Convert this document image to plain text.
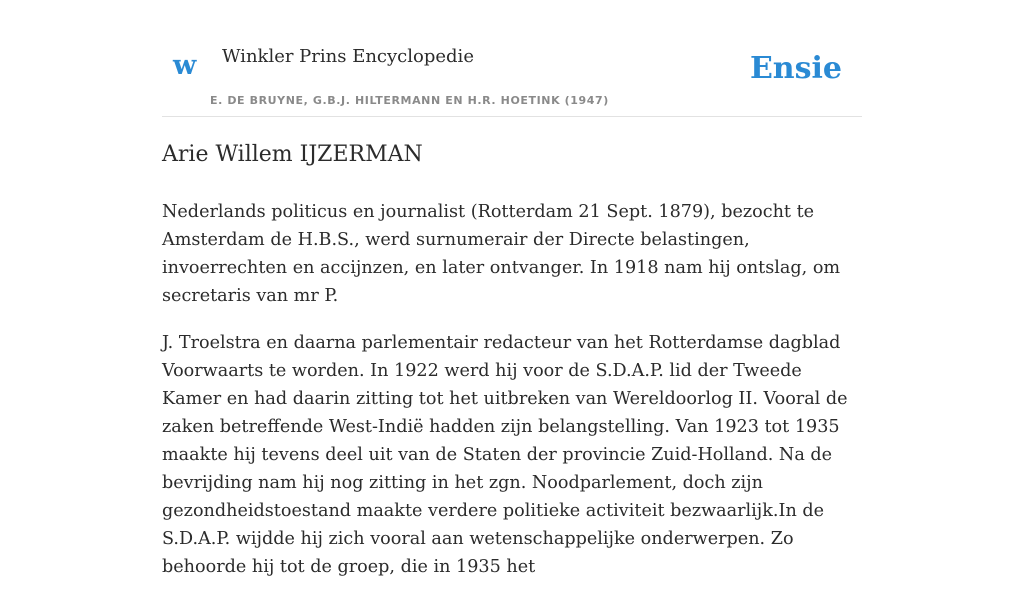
w Winkler Prins Encyclopedie
E. DE BRUYNE, G.B.J. HILTERMANN EN H.R. HOETINK (1947)
Ensie
Arie Willem IJZERMAN

Nederlands politicus en journalist (Rotterdam 21 Sept. 1879), bezocht te Amsterdam de H.B.S., werd surnumerair der Directe belastingen, invoerrechten en accijnzen, en later ontvanger. In 1918 nam hij ontslag, om secretaris van mr P.

J. Troelstra en daarna parlementair redacteur van het Rotterdamse dagblad Voorwaarts te worden. In 1922 werd hij voor de S.D.A.P. lid der Tweede Kamer en had daarin zitting tot het uitbreken van Wereldoorlog II. Vooral de zaken betreffende West-Indië hadden zijn belangstelling. Van 1923 tot 1935 maakte hij tevens deel uit van de Staten der provincie Zuid-Holland. Na de bevrijding nam hij nog zitting in het zgn. Noodparlement, doch zijn gezondheidstoestand maakte verdere politieke activiteit bezwaarlijk.In de S.D.A.P. wijdde hij zich vooral aan wetenschappelijke onderwerpen. Zo behoorde hij tot de groep, die in 1935 het
